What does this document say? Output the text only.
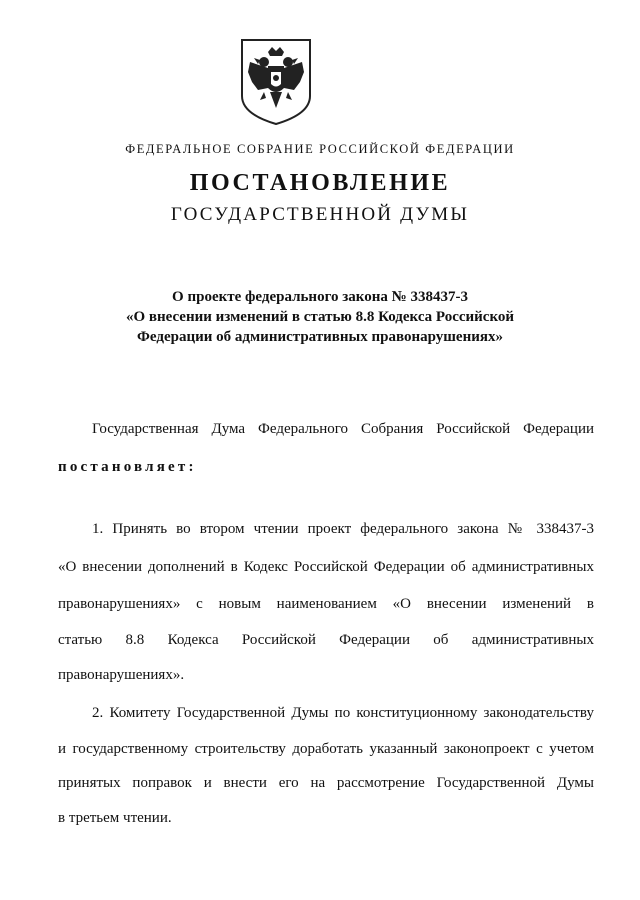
ФЕДЕРАЛЬНОЕ СОБРАНИЕ РОССИЙСКОЙ ФЕДЕРАЦИИ
ПОСТАНОВЛЕНИЕ
ГОСУДАРСТВЕННОЙ ДУМЫ
О проекте федерального закона № 338437-3
«О внесении изменений в статью 8.8 Кодекса Российской
Федерации об административных правонарушениях»
Государственная Дума Федерального Собрания Российской Федерации
постановляет:
1. Принять во втором чтении проект федерального закона № 338437-3
«О внесении дополнений в Кодекс Российской Федерации об административных
правонарушениях» с новым наименованием «О внесении изменений в
статью 8.8 Кодекса Российской Федерации об административных
правонарушениях».
2. Комитету Государственной Думы по конституционному законодательству
и государственному строительству доработать указанный законопроект с учетом
принятых поправок и внести его на рассмотрение Государственной Думы
в третьем чтении.
